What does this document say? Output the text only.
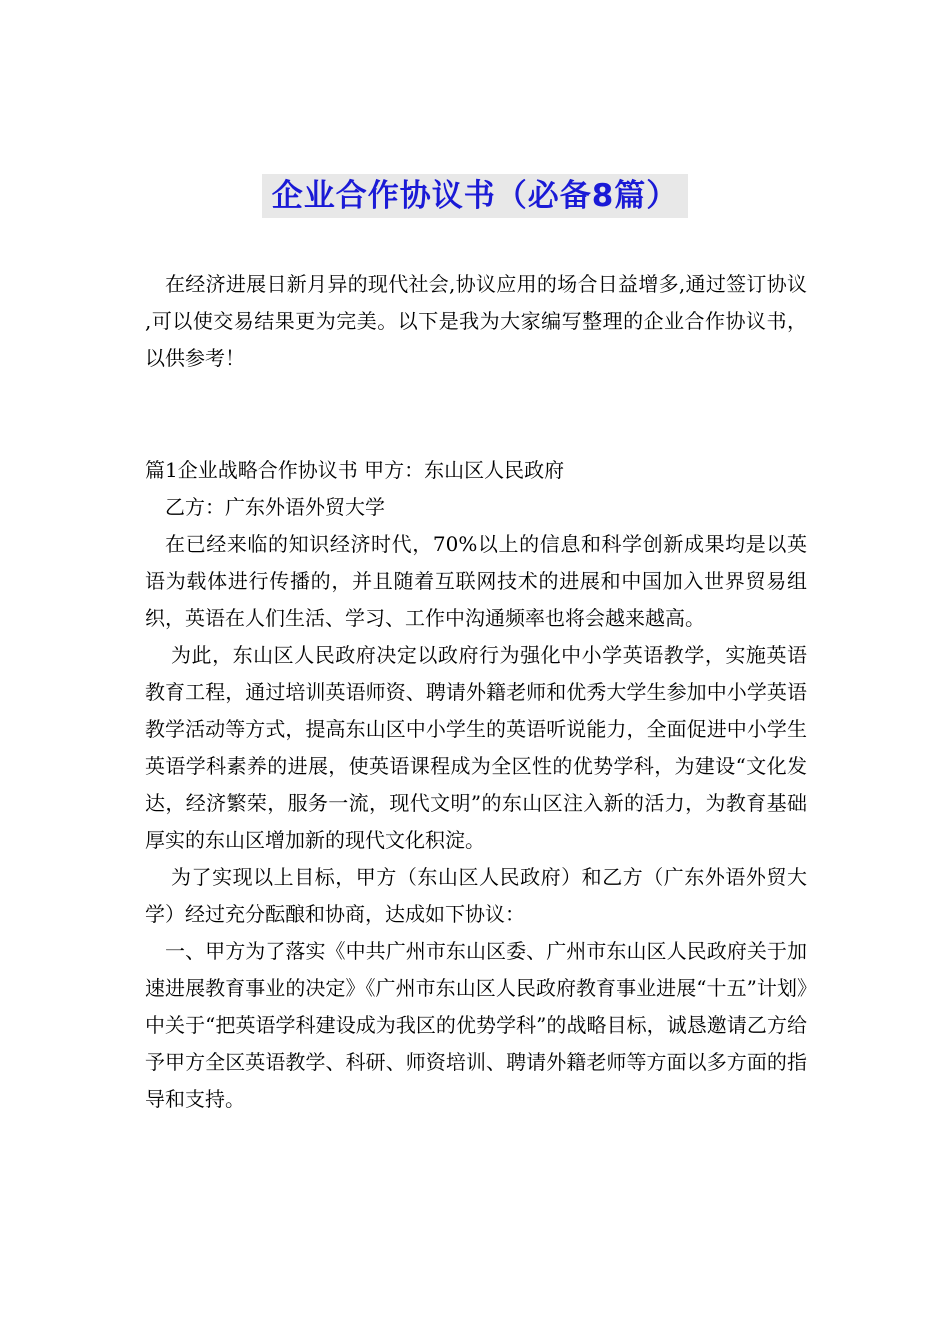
企业合作协议书（必备8篇）

在经济进展日新月异的现代社会,协议应用的场合日益增多,通过签订协议 ,可以使交易结果更为完美。以下是我为大家编写整理的企业合作协议书，以供参考！

篇1企业战略合作协议书 甲方：东山区人民政府

乙方：广东外语外贸大学

在已经来临的知识经济时代，70%以上的信息和科学创新成果均是以英语为载体进行传播的，并且随着互联网技术的进展和中国加入世界贸易组织，英语在人们生活、学习、工作中沟通频率也将会越来越高。

为此，东山区人民政府决定以政府行为强化中小学英语教学，实施英语教育工程，通过培训英语师资、聘请外籍老师和优秀大学生参加中小学英语教学活动等方式，提高东山区中小学生的英语听说能力，全面促进中小学生英语学科素养的进展，使英语课程成为全区性的优势学科，为建设“文化发达，经济繁荣，服务一流，现代文明”的东山区注入新的活力，为教育基础厚实的东山区增加新的现代文化积淀。

为了实现以上目标，甲方（东山区人民政府）和乙方（广东外语外贸大学）经过充分酝酿和协商，达成如下协议：

一、甲方为了落实《中共广州市东山区委、广州市东山区人民政府关于加速进展教育事业的决定》《广州市东山区人民政府教育事业进展“十五”计划》中关于“把英语学科建设成为我区的优势学科”的战略目标，诚恳邀请乙方给予甲方全区英语教学、科研、师资培训、聘请外籍老师等方面以多方面的指导和支持。
